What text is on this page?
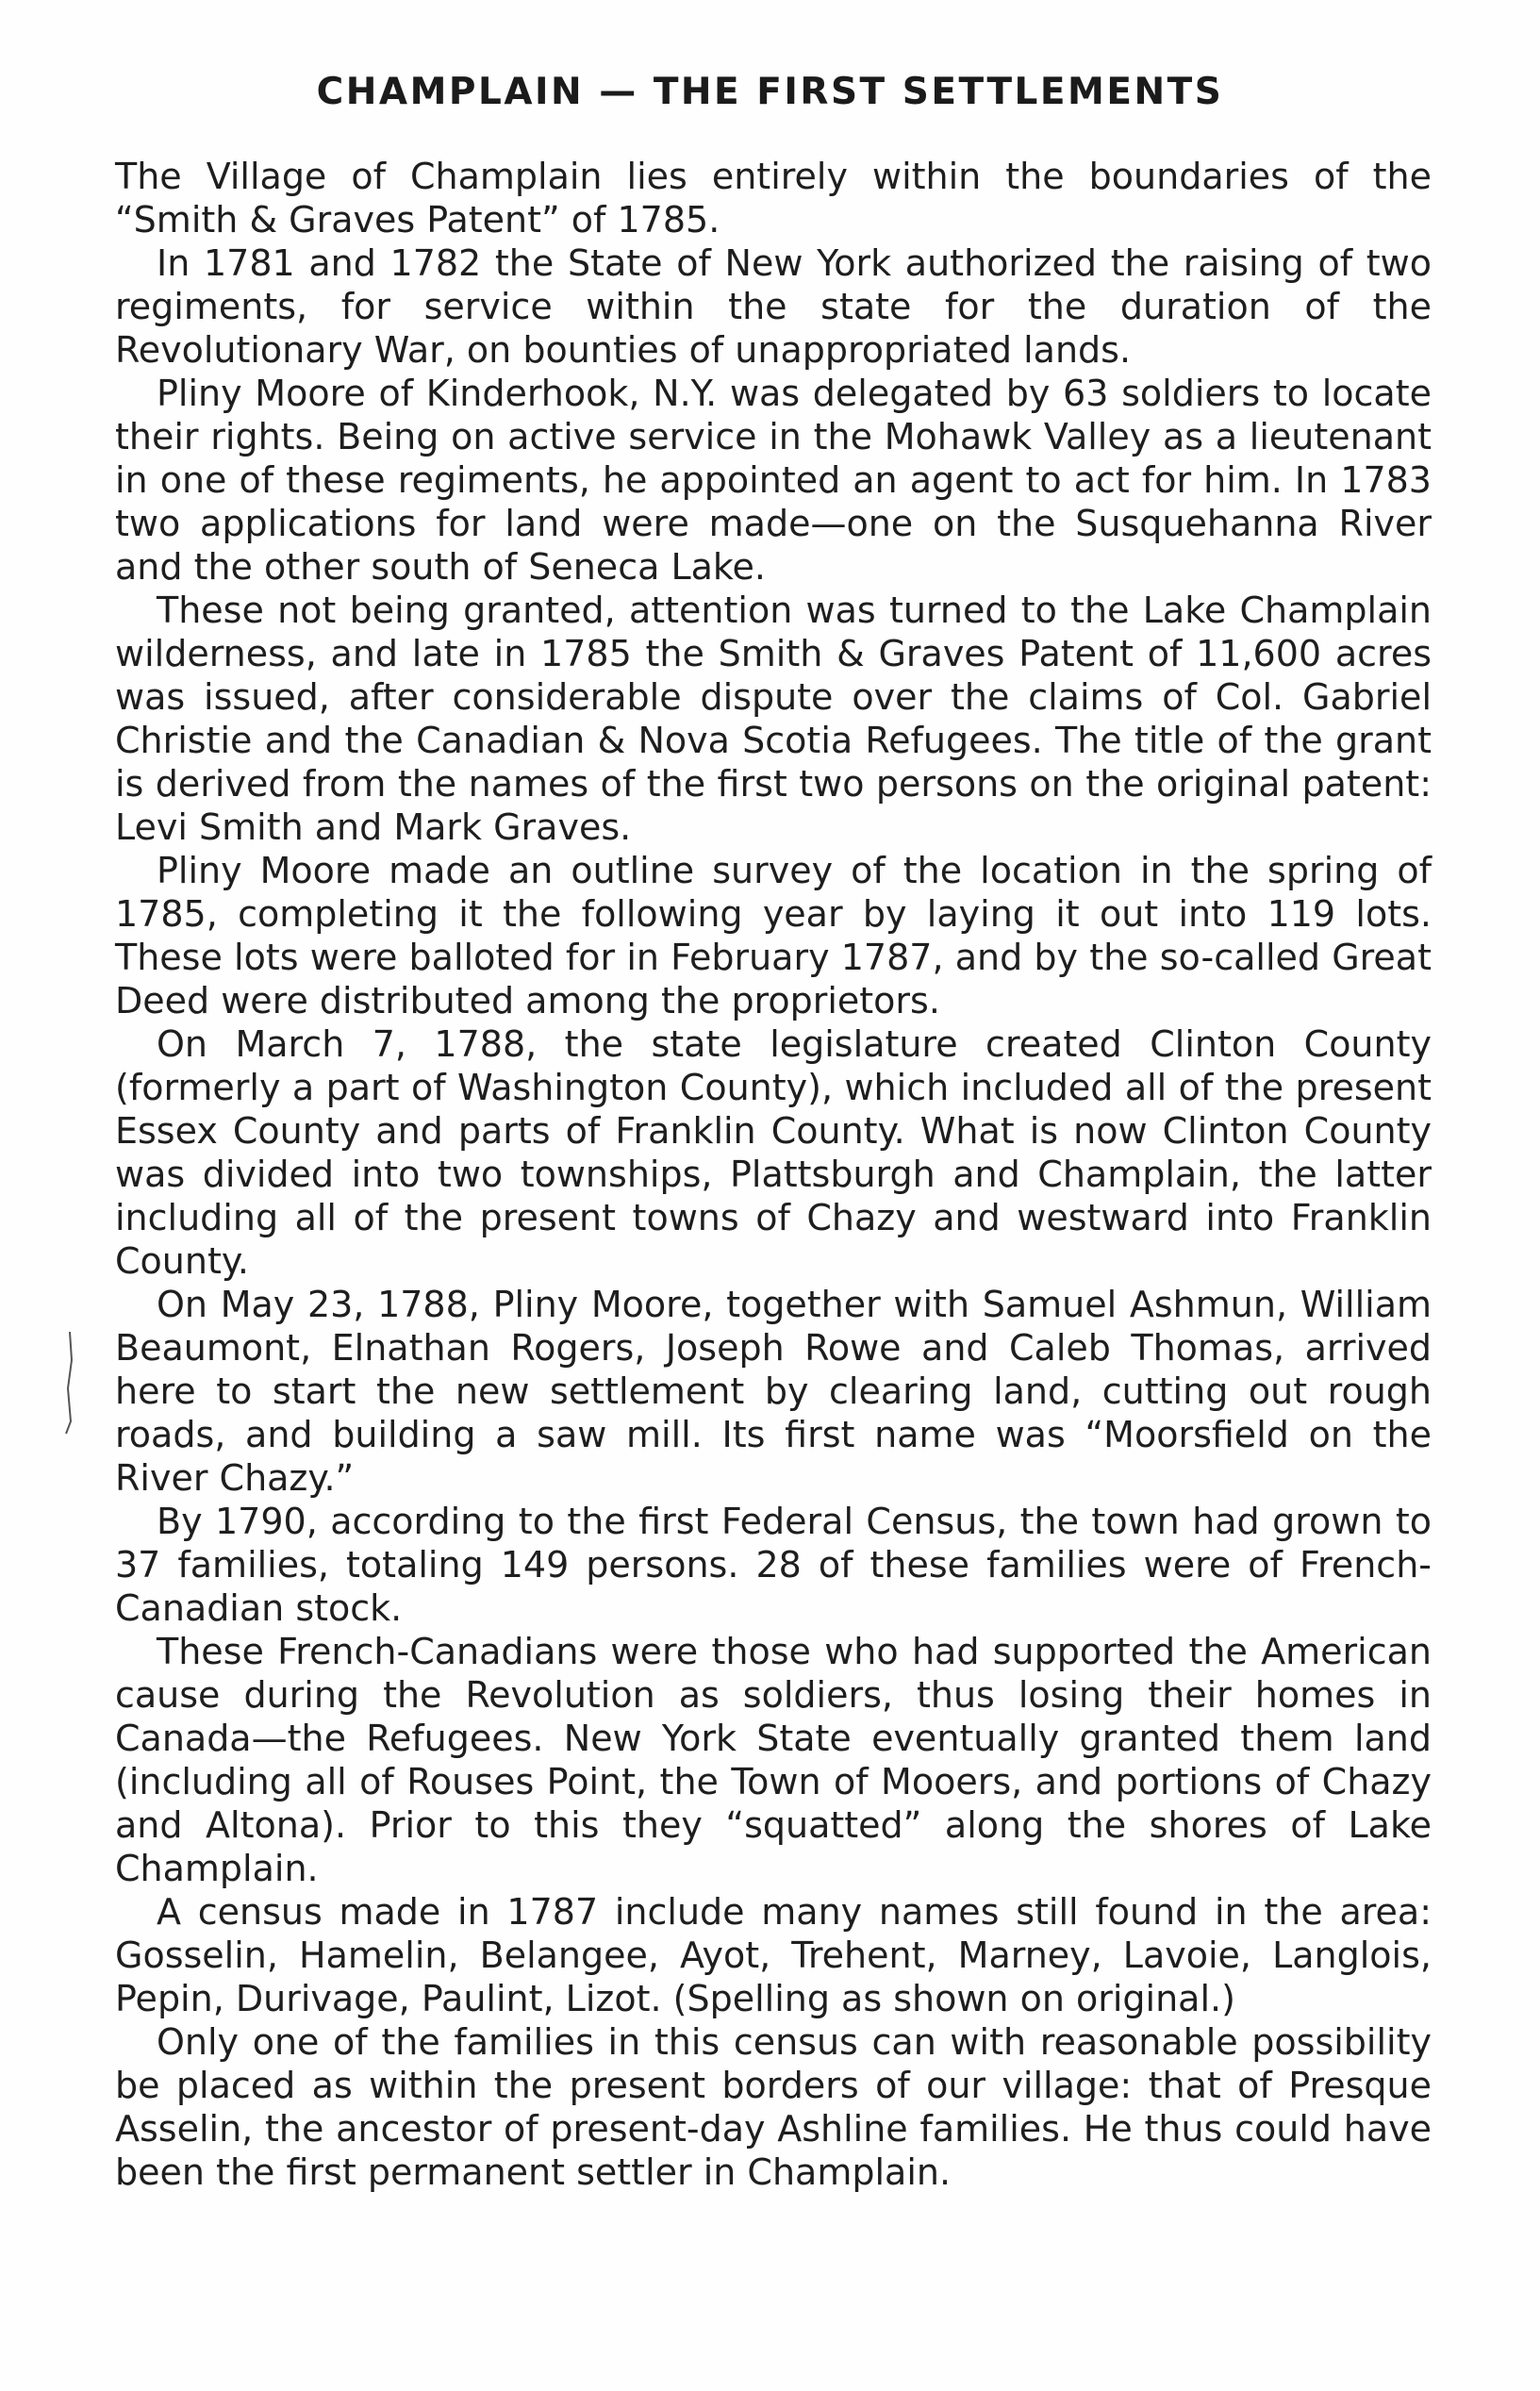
CHAMPLAIN — THE FIRST SETTLEMENTS

The Village of Champlain lies entirely within the boundaries of the “Smith & Graves Patent” of 1785.

In 1781 and 1782 the State of New York authorized the raising of two regiments, for service within the state for the duration of the Revolutionary War, on bounties of unappropriated lands.

Pliny Moore of Kinderhook, N.Y. was delegated by 63 soldiers to locate their rights. Being on active service in the Mohawk Valley as a lieutenant in one of these regiments, he appointed an agent to act for him. In 1783 two applications for land were made—one on the Susquehanna River and the other south of Seneca Lake.

These not being granted, attention was turned to the Lake Champlain wilderness, and late in 1785 the Smith & Graves Patent of 11,600 acres was issued, after considerable dispute over the claims of Col. Gabriel Christie and the Canadian & Nova Scotia Refugees. The title of the grant is derived from the names of the first two persons on the original patent: Levi Smith and Mark Graves.

Pliny Moore made an outline survey of the location in the spring of 1785, completing it the following year by laying it out into 119 lots. These lots were balloted for in February 1787, and by the so-called Great Deed were distributed among the proprietors.

On March 7, 1788, the state legislature created Clinton County (formerly a part of Washington County), which included all of the present Essex County and parts of Franklin County. What is now Clinton County was divided into two townships, Plattsburgh and Champlain, the latter including all of the present towns of Chazy and westward into Franklin County.

On May 23, 1788, Pliny Moore, together with Samuel Ashmun, William Beaumont, Elnathan Rogers, Joseph Rowe and Caleb Thomas, arrived here to start the new settlement by clearing land, cutting out rough roads, and building a saw mill. Its first name was “Moorsfield on the River Chazy.”

By 1790, according to the first Federal Census, the town had grown to 37 families, totaling 149 persons. 28 of these families were of French-Canadian stock.

These French-Canadians were those who had supported the American cause during the Revolution as soldiers, thus losing their homes in Canada—the Refugees. New York State eventually granted them land (including all of Rouses Point, the Town of Mooers, and portions of Chazy and Altona). Prior to this they “squatted” along the shores of Lake Champlain.

A census made in 1787 include many names still found in the area: Gosselin, Hamelin, Belangee, Ayot, Trehent, Marney, Lavoie, Langlois, Pepin, Durivage, Paulint, Lizot. (Spelling as shown on original.)

Only one of the families in this census can with reasonable possibility be placed as within the present borders of our village: that of Presque Asselin, the ancestor of present-day Ashline families. He thus could have been the first permanent settler in Champlain.
